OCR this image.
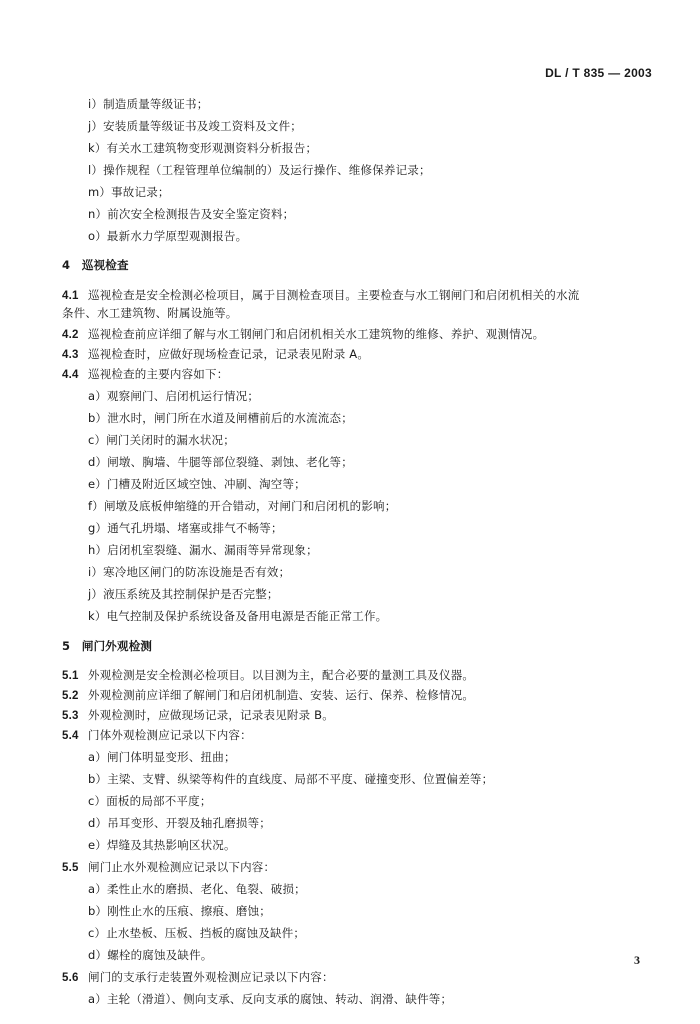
DL / T 835 — 2003
i）制造质量等级证书；
j）安装质量等级证书及竣工资料及文件；
k）有关水工建筑物变形观测资料分析报告；
l）操作规程（工程管理单位编制的）及运行操作、维修保养记录；
m）事故记录；
n）前次安全检测报告及安全鉴定资料；
o）最新水力学原型观测报告。
4　巡视检查
4.1 巡视检查是安全检测必检项目，属于目测检查项目。主要检查与水工钢闸门和启闭机相关的水流
条件、水工建筑物、附属设施等。
4.2 巡视检查前应详细了解与水工钢闸门和启闭机相关水工建筑物的维修、养护、观测情况。
4.3 巡视检查时，应做好现场检查记录，记录表见附录 A。
4.4 巡视检查的主要内容如下：
a）观察闸门、启闭机运行情况；
b）泄水时，闸门所在水道及闸槽前后的水流流态；
c）闸门关闭时的漏水状况；
d）闸墩、胸墙、牛腿等部位裂缝、剥蚀、老化等；
e）门槽及附近区域空蚀、冲刷、淘空等；
f）闸墩及底板伸缩缝的开合错动，对闸门和启闭机的影响；
g）通气孔坍塌、堵塞或排气不畅等；
h）启闭机室裂缝、漏水、漏雨等异常现象；
i）寒冷地区闸门的防冻设施是否有效；
j）液压系统及其控制保护是否完整；
k）电气控制及保护系统设备及备用电源是否能正常工作。
5　闸门外观检测
5.1 外观检测是安全检测必检项目。以目测为主，配合必要的量测工具及仪器。
5.2 外观检测前应详细了解闸门和启闭机制造、安装、运行、保养、检修情况。
5.3 外观检测时，应做现场记录，记录表见附录 B。
5.4 门体外观检测应记录以下内容：
a）闸门体明显变形、扭曲；
b）主梁、支臂、纵梁等构件的直线度、局部不平度、碰撞变形、位置偏差等；
c）面板的局部不平度；
d）吊耳变形、开裂及轴孔磨损等；
e）焊缝及其热影响区状况。
5.5 闸门止水外观检测应记录以下内容：
a）柔性止水的磨损、老化、龟裂、破损；
b）刚性止水的压痕、擦痕、磨蚀；
c）止水垫板、压板、挡板的腐蚀及缺件；
d）螺栓的腐蚀及缺件。
5.6 闸门的支承行走装置外观检测应记录以下内容：
a）主轮（滑道）、侧向支承、反向支承的腐蚀、转动、润滑、缺件等；
3
